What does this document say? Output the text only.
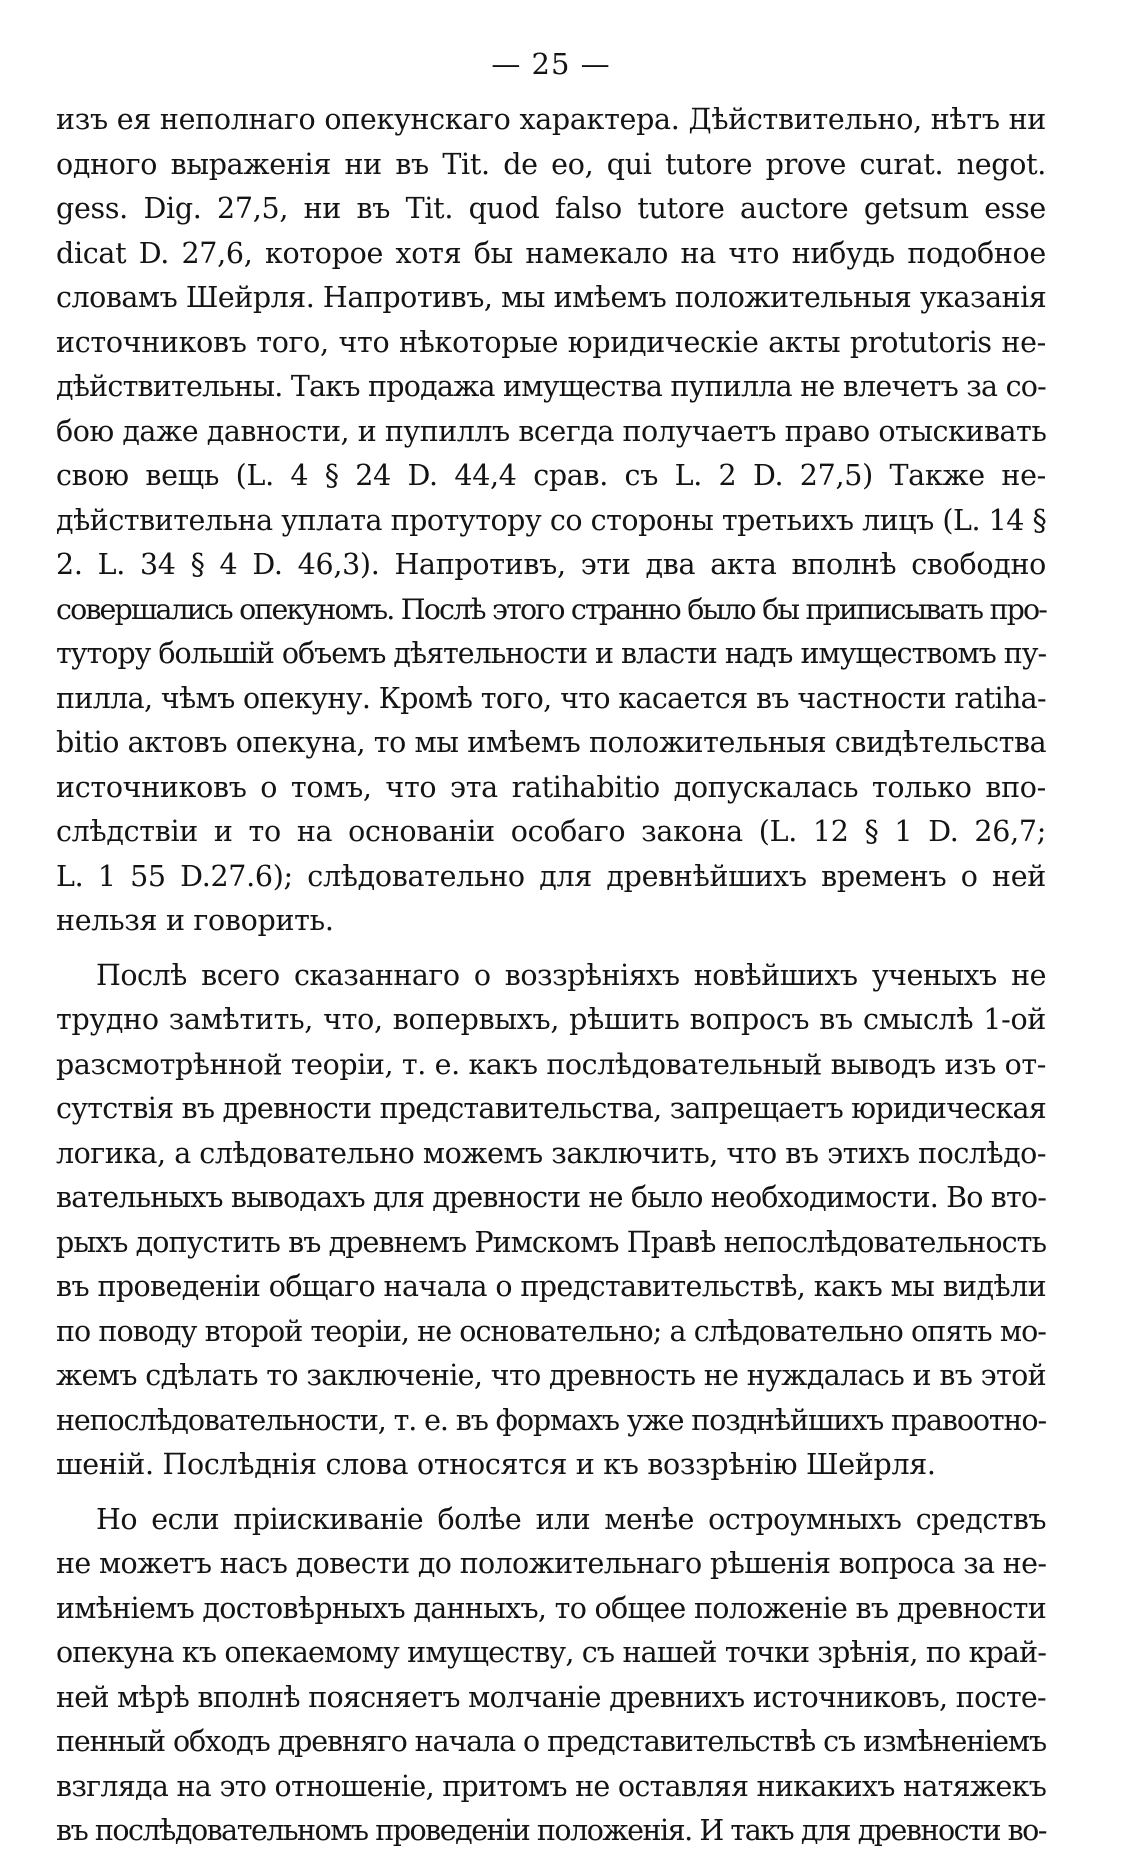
— 25 —
изъ ея неполнаго опекунскаго характера. Дѣйствительно, нѣтъ ни
одного выраженія ни въ Tit. de eo, qui tutore prove curat. negot.
gess. Dig. 27,5, ни въ Tit. quod falso tutore auctore getsum esse
dicat D. 27,6, которое хотя бы намекало на что нибудь подобное
словамъ Шейрля. Напротивъ, мы имѣемъ положительныя указанія
источниковъ того, что нѣкоторые юридическіе акты protutoris не-
дѣйствительны. Такъ продажа имущества пупилла не влечетъ за со-
бою даже давности, и пупиллъ всегда получаетъ право отыскивать
свою вещь (L. 4 § 24 D. 44,4 срав. съ L. 2 D. 27,5) Также не-
дѣйствительна уплата протутору со стороны третьихъ лицъ (L. 14 §
2. L. 34 § 4 D. 46,3). Напротивъ, эти два акта вполнѣ свободно
совершались опекуномъ. Послѣ этого странно было бы приписывать про-
тутору большій объемъ дѣятельности и власти надъ имуществомъ пу-
пилла, чѣмъ опекуну. Кромѣ того, что касается въ частности ratiha-
bitio актовъ опекуна, то мы имѣемъ положительныя свидѣтельства
источниковъ о томъ, что эта ratihabitio допускалась только впо-
слѣдствіи и то на основаніи особаго закона (L. 12 § 1 D. 26,7;
L. 1 55 D.27.6); слѣдовательно для древнѣйшихъ временъ о ней
нельзя и говорить.
Послѣ всего сказаннаго о воззрѣніяхъ новѣйшихъ ученыхъ не
трудно замѣтить, что, вопервыхъ, рѣшить вопросъ въ смыслѣ 1-ой
разсмотрѣнной теоріи, т. е. какъ послѣдовательный выводъ изъ от-
сутствія въ древности представительства, запрещаетъ юридическая
логика, а слѣдовательно можемъ заключить, что въ этихъ послѣдо-
вательныхъ выводахъ для древности не было необходимости. Во вто-
рыхъ допустить въ древнемъ Римскомъ Правѣ непослѣдовательность
въ проведеніи общаго начала о представительствѣ, какъ мы видѣли
по поводу второй теоріи, не основательно; а слѣдовательно опять мо-
жемъ сдѣлать то заключеніе, что древность не нуждалась и въ этой
непослѣдовательности, т. е. въ формахъ уже позднѣйшихъ правоотно-
шеній. Послѣднія слова относятся и къ воззрѣнію Шейрля.
Но если пріискиваніе болѣе или менѣе остроумныхъ средствъ
не можетъ насъ довести до положительнаго рѣшенія вопроса за не-
имѣніемъ достовѣрныхъ данныхъ, то общее положеніе въ древности
опекуна къ опекаемому имуществу, съ нашей точки зрѣнія, по край-
ней мѣрѣ вполнѣ поясняетъ молчаніе древнихъ источниковъ, посте-
пенный обходъ древняго начала о представительствѣ съ измѣненіемъ
взгляда на это отношеніе, притомъ не оставляя никакихъ натяжекъ
въ послѣдовательномъ проведеніи положенія. И такъ для древности во-
